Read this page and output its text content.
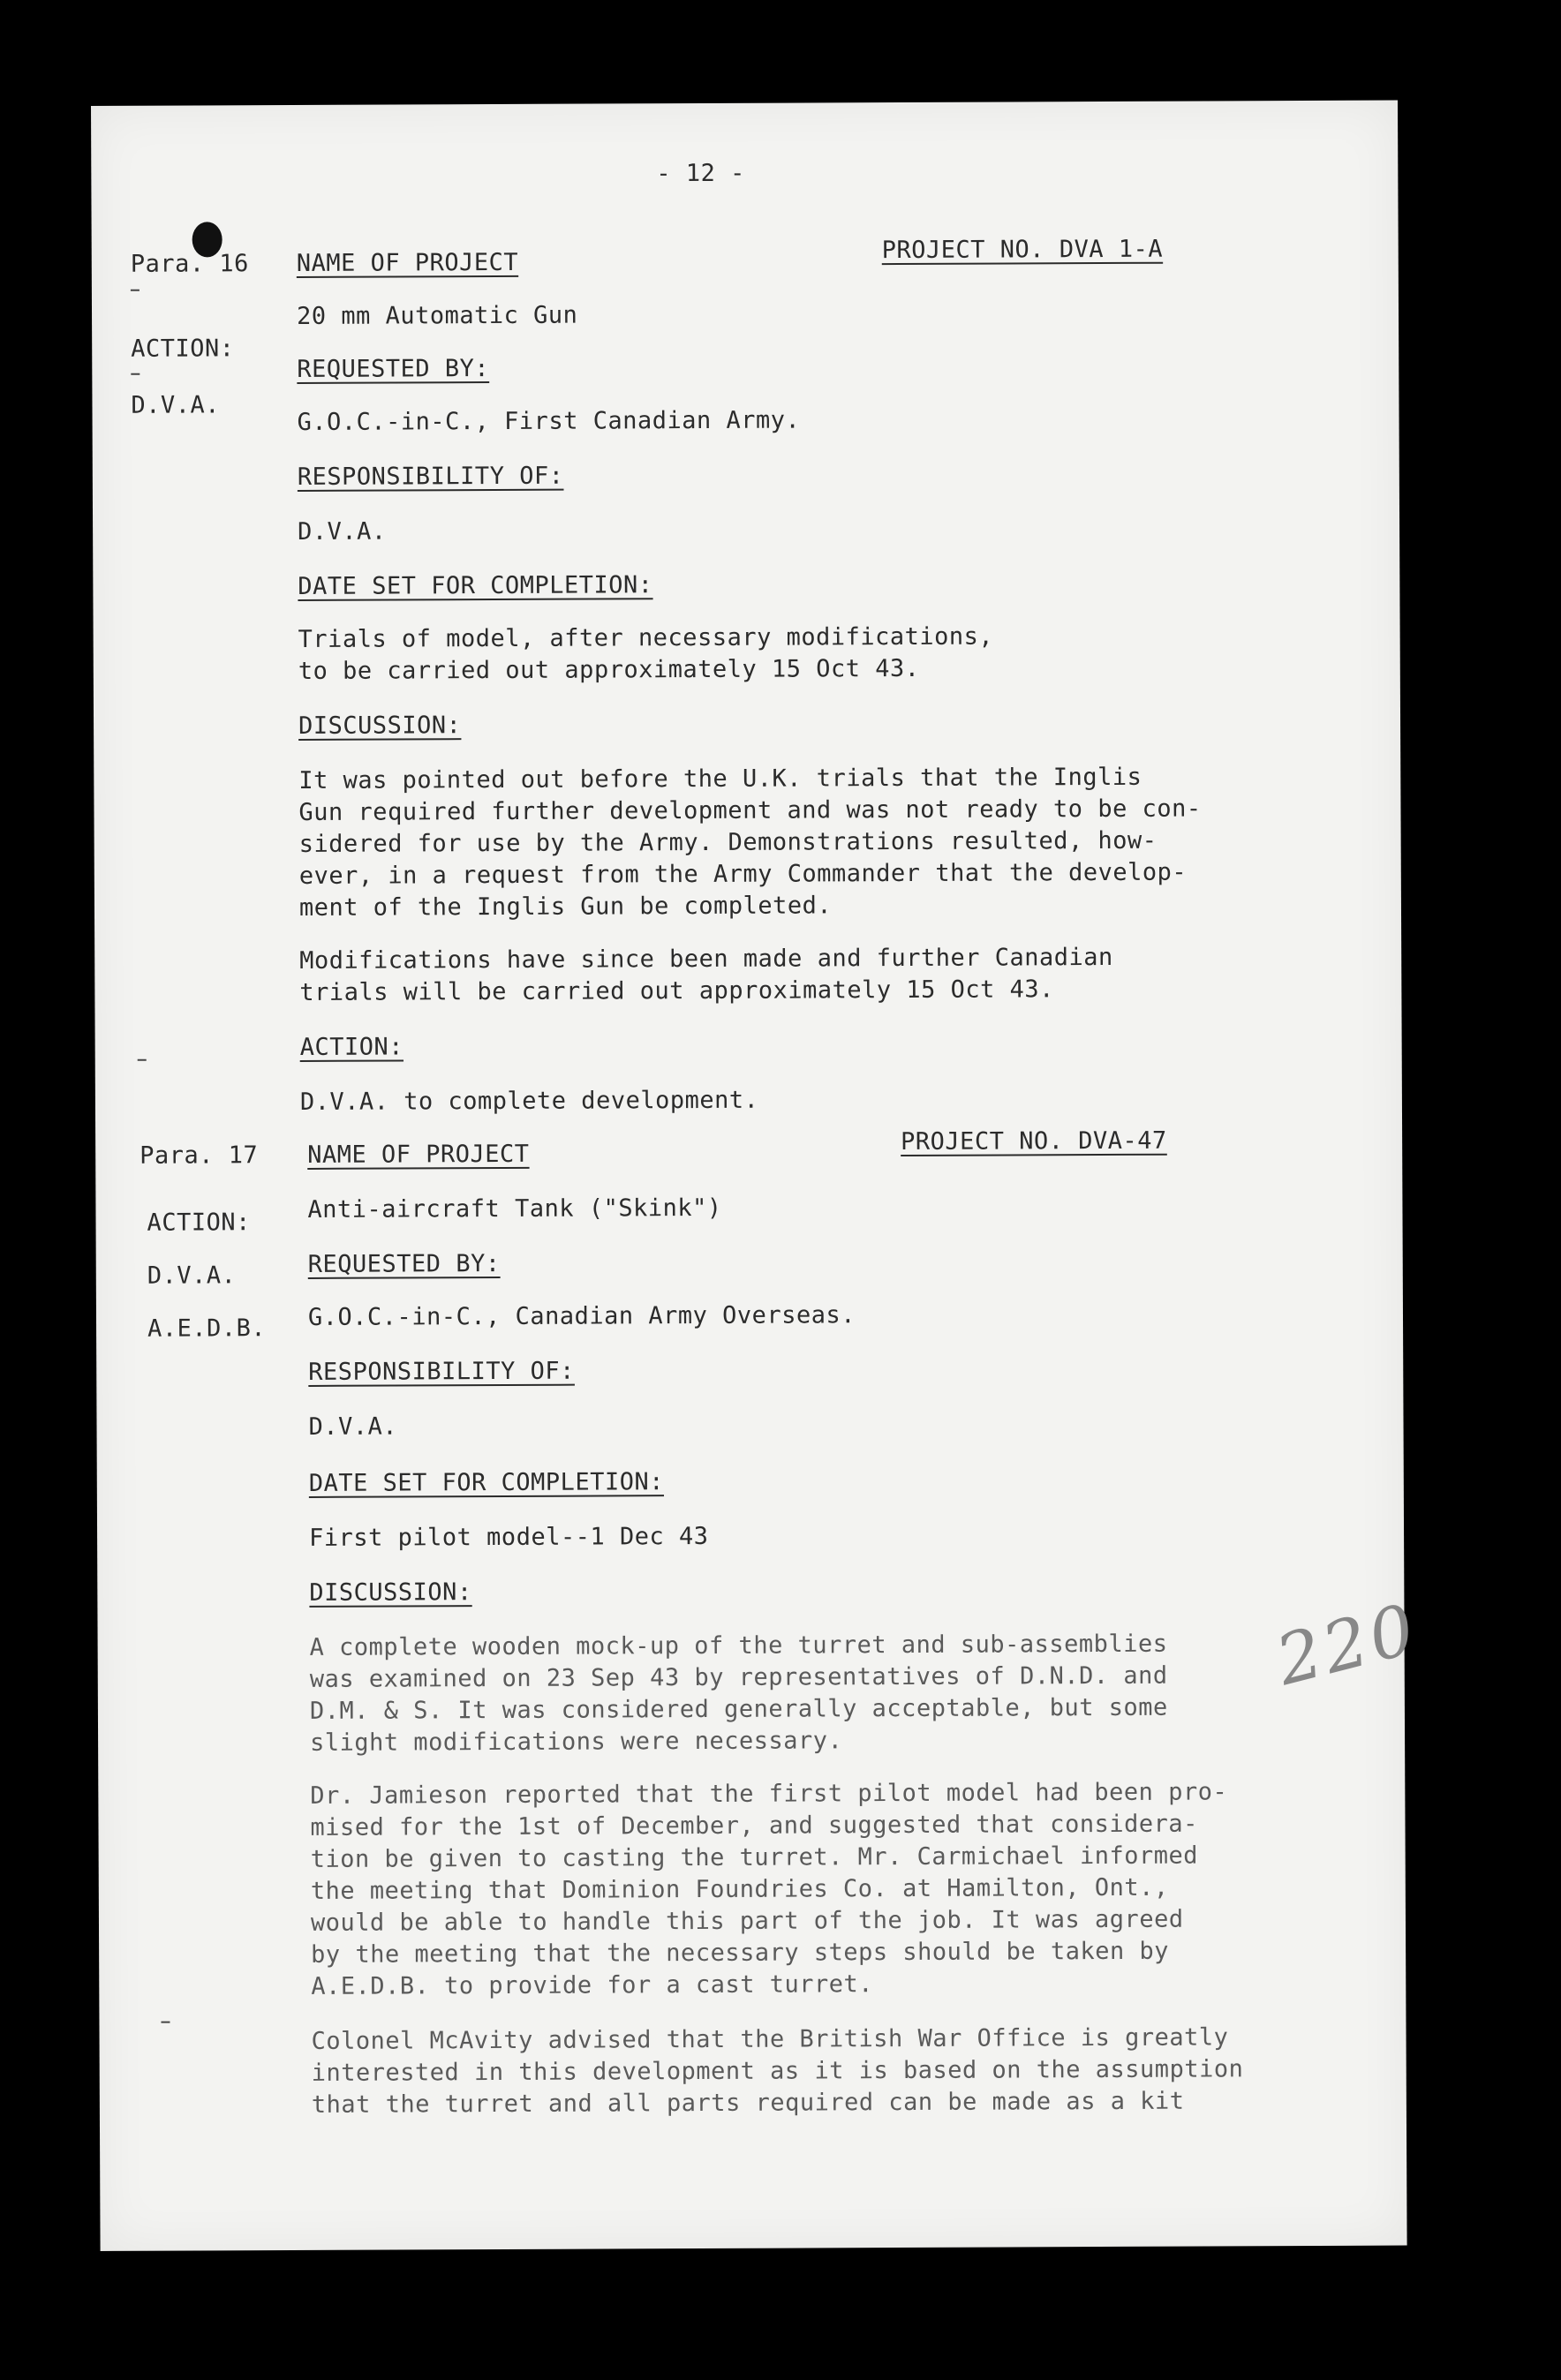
- 12 -
Para. 16
ACTION:
D.V.A.
NAME OF PROJECT	PROJECT NO. DVA 1-A
20 mm Automatic Gun
REQUESTED BY:
G.O.C.-in-C., First Canadian Army.
RESPONSIBILITY OF:
D.V.A.
DATE SET FOR COMPLETION:
Trials of model, after necessary modifications,
to be carried out approximately 15 Oct 43.
DISCUSSION:
It was pointed out before the U.K. trials that the Inglis
Gun required further development and was not ready to be con-
sidered for use by the Army. Demonstrations resulted, how-
ever, in a request from the Army Commander that the develop-
ment of the Inglis Gun be completed.
Modifications have since been made and further Canadian
trials will be carried out approximately 15 Oct 43.
ACTION:
D.V.A. to complete development.
Para. 17
ACTION:
D.V.A.
A.E.D.B.
NAME OF PROJECT	PROJECT NO. DVA-47
Anti-aircraft Tank ("Skink")
REQUESTED BY:
G.O.C.-in-C., Canadian Army Overseas.
RESPONSIBILITY OF:
D.V.A.
DATE SET FOR COMPLETION:
First pilot model--1 Dec 43
DISCUSSION:
A complete wooden mock-up of the turret and sub-assemblies
was examined on 23 Sep 43 by representatives of D.N.D. and
D.M. & S. It was considered generally acceptable, but some
slight modifications were necessary.
Dr. Jamieson reported that the first pilot model had been pro-
mised for the 1st of December, and suggested that considera-
tion be given to casting the turret. Mr. Carmichael informed
the meeting that Dominion Foundries Co. at Hamilton, Ont.,
would be able to handle this part of the job. It was agreed
by the meeting that the necessary steps should be taken by
A.E.D.B. to provide for a cast turret.
Colonel McAvity advised that the British War Office is greatly
interested in this development as it is based on the assumption
that the turret and all parts required can be made as a kit
220
